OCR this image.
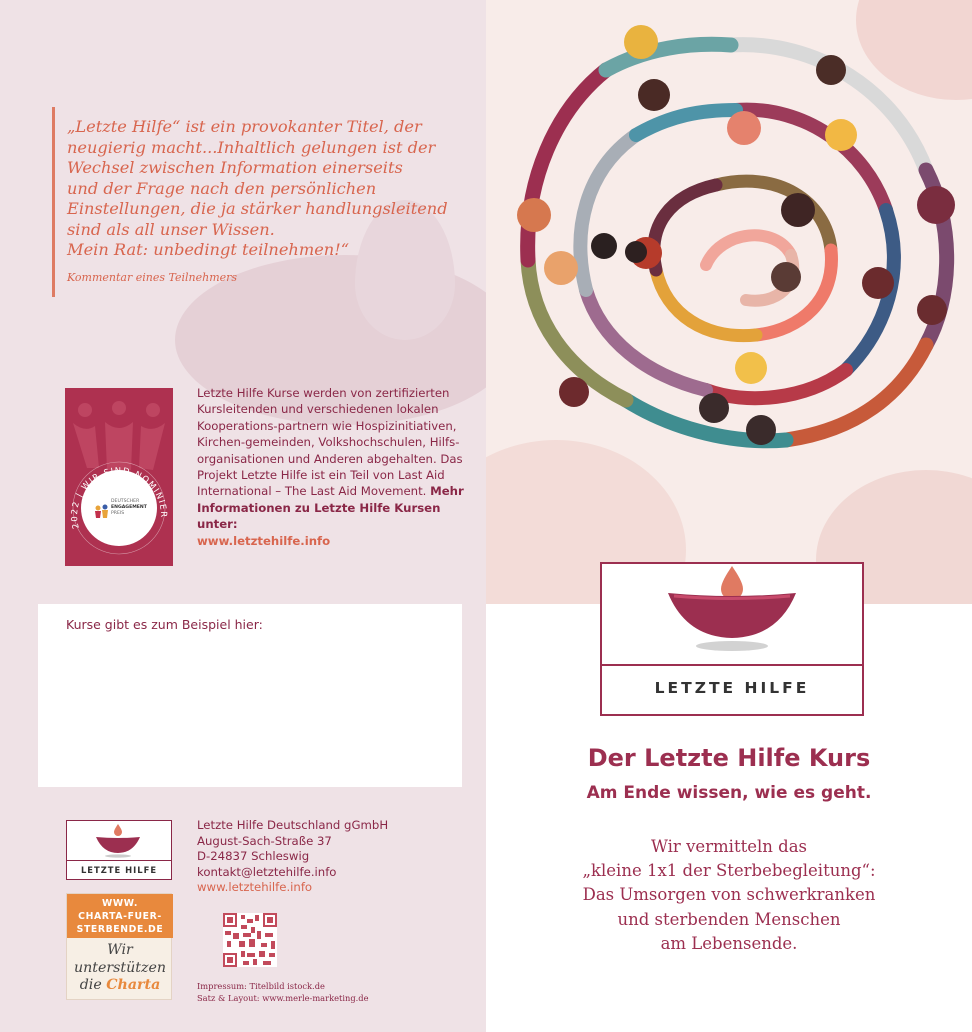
„Letzte Hilfe“ ist ein provokanter Titel, der
neugierig macht...Inhaltlich gelungen ist der
Wechsel zwischen Information einerseits
und der Frage nach den persönlichen
Einstellungen, die ja stärker handlungsleitend
sind als all unser Wissen.
Mein Rat: unbedingt teilnehmen!“

Kommentar eines Teilnehmers
DEUTSCHER
ENGAGEMENT
PREIS
2022 | WIR SIND NOMINIER
Letzte Hilfe Kurse werden von zertifizierten Kursleitenden und verschiedenen lokalen Kooperations-partnern wie Hospizinitiativen, Kirchen-gemeinden, Volkshochschulen, Hilfs-organisationen und Anderen abgehalten. Das Projekt Letzte Hilfe ist ein Teil von Last Aid International – The Last Aid Movement. Mehr Informationen zu Letzte Hilfe Kursen unter:
www.letztehilfe.info
Kurse gibt es zum Beispiel hier:
LETZTE HILFE
WWW.
CHARTA-FUER-
STERBENDE.DE
Wir
unterstützen
die Charta
Letzte Hilfe Deutschland gGmbH
August-Sach-Straße 37
D-24837 Schleswig
kontakt@letztehilfe.info
www.letztehilfe.info
Impressum: Titelbild istock.de
Satz & Layout: www.merle-marketing.de
LETZTE HILFE
Der Letzte Hilfe Kurs
Am Ende wissen, wie es geht.
Wir vermitteln das
„kleine 1x1 der Sterbebegleitung“:
Das Umsorgen von schwerkranken
und sterbenden Menschen
am Lebensende.
